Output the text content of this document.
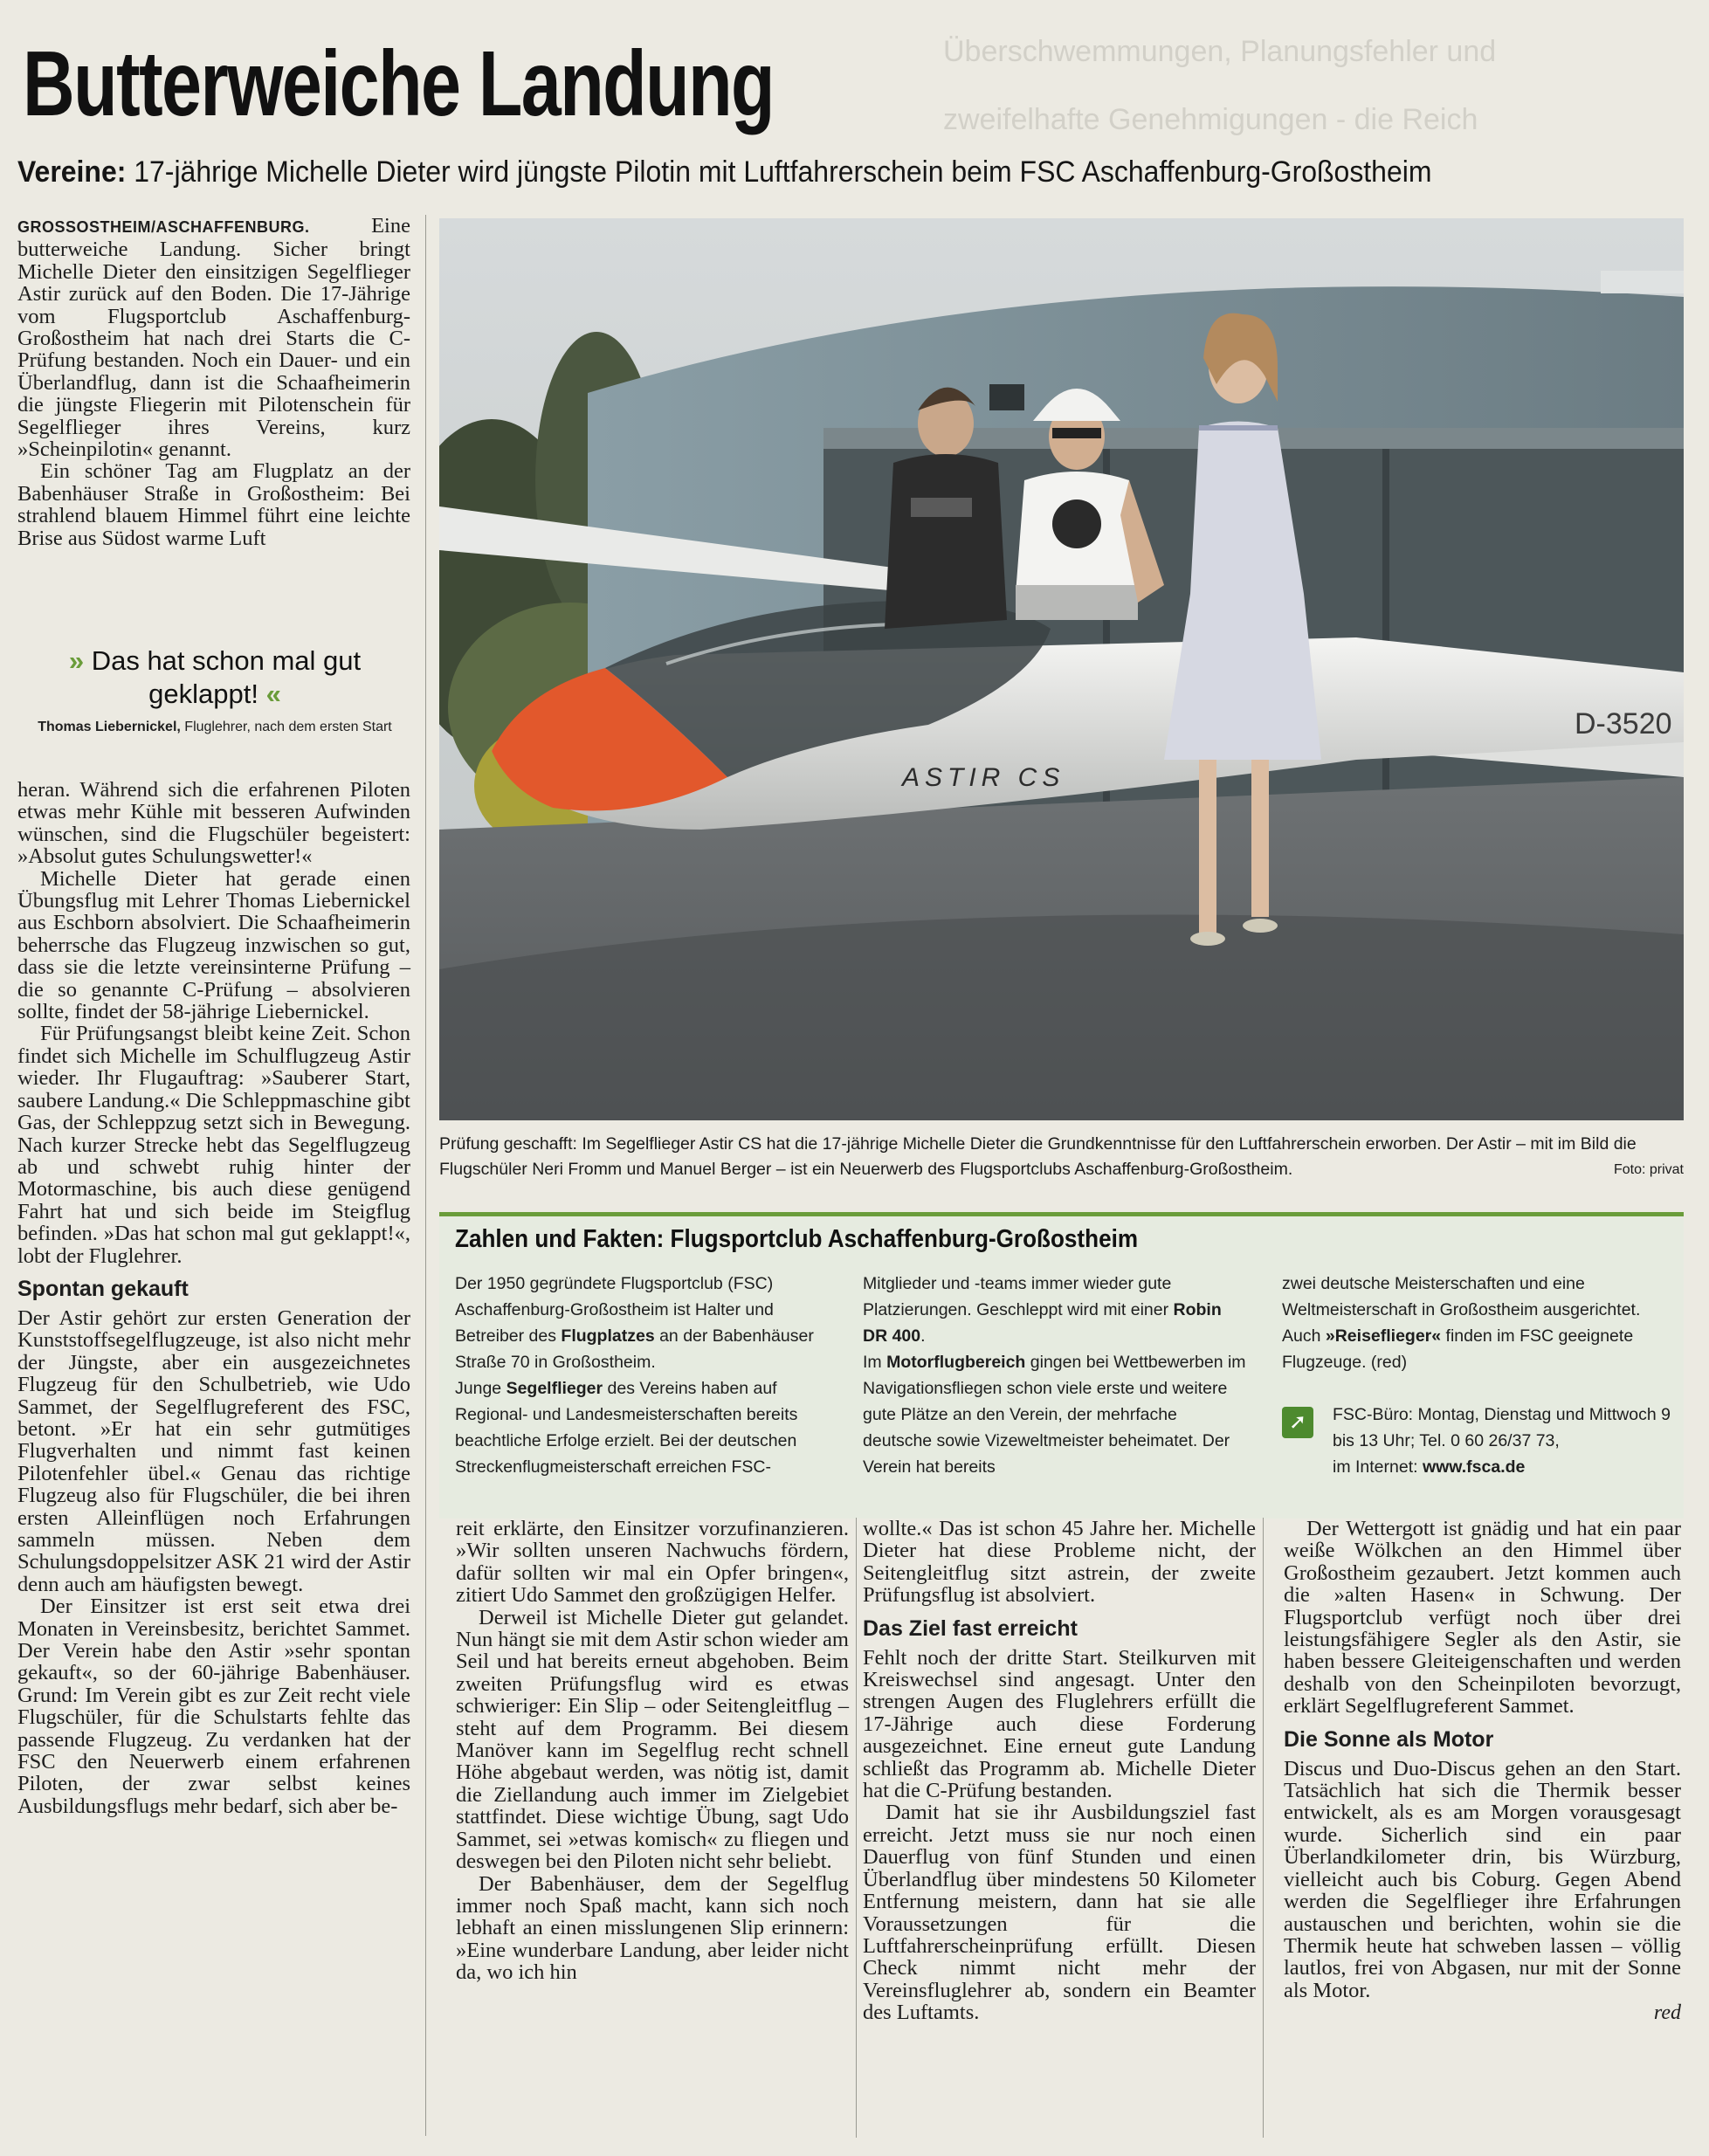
Überschwemmungen, Planungsfehler und
zweifelhafte Genehmigungen - die Reich
Butterweiche Landung
Vereine: 17-jährige Michelle Dieter wird jüngste Pilotin mit Luftfahrerschein beim FSC Aschaffenburg-Großostheim

GROSSOSTHEIM/ASCHAFFENBURG. Eine butterweiche Landung. Sicher bringt Michelle Dieter den einsitzigen Segelflieger Astir zurück auf den Boden. Die 17-Jährige vom Flugsportclub Aschaffenburg-Großostheim hat nach drei Starts die C-Prüfung bestanden. Noch ein Dauer- und ein Überlandflug, dann ist die Schaafheimerin die jüngste Fliegerin mit Pilotenschein für Segelflieger ihres Vereins, kurz »Scheinpilotin« genannt.

Ein schöner Tag am Flugplatz an der Babenhäuser Straße in Großostheim: Bei strahlend blauem Himmel führt eine leichte Brise aus Südost warme Luft

» Das hat schon mal gut geklappt! «
Thomas Liebernickel, Fluglehrer, nach dem ersten Start

heran. Während sich die erfahrenen Piloten etwas mehr Kühle mit besseren Aufwinden wünschen, sind die Flugschüler begeistert: »Absolut gutes Schulungswetter!«

Michelle Dieter hat gerade einen Übungsflug mit Lehrer Thomas Liebernickel aus Eschborn absolviert. Die Schaafheimerin beherrsche das Flugzeug inzwischen so gut, dass sie die letzte vereinsinterne Prüfung – die so genannte C-Prüfung – absolvieren sollte, findet der 58-jährige Liebernickel.

Für Prüfungsangst bleibt keine Zeit. Schon findet sich Michelle im Schulflugzeug Astir wieder. Ihr Flugauftrag: »Sauberer Start, saubere Landung.« Die Schleppmaschine gibt Gas, der Schleppzug setzt sich in Bewegung. Nach kurzer Strecke hebt das Segelflugzeug ab und schwebt ruhig hinter der Motormaschine, bis auch diese genügend Fahrt hat und sich beide im Steigflug befinden. »Das hat schon mal gut geklappt!«, lobt der Fluglehrer.

Spontan gekauft

Der Astir gehört zur ersten Generation der Kunststoffsegelflugzeuge, ist also nicht mehr der Jüngste, aber ein ausgezeichnetes Flugzeug für den Schulbetrieb, wie Udo Sammet, der Segelflugreferent des FSC, betont. »Er hat ein sehr gutmütiges Flugverhalten und nimmt fast keinen Pilotenfehler übel.« Genau das richtige Flugzeug also für Flugschüler, die bei ihren ersten Alleinflügen noch Erfahrungen sammeln müssen. Neben dem Schulungsdoppelsitzer ASK 21 wird der Astir denn auch am häufigsten bewegt.

Der Einsitzer ist erst seit etwa drei Monaten in Vereinsbesitz, berichtet Sammet. Der Verein habe den Astir »sehr spontan gekauft«, so der 60-jährige Babenhäuser. Grund: Im Verein gibt es zur Zeit recht viele Flugschüler, für die Schulstarts fehlte das passende Flugzeug. Zu verdanken hat der FSC den Neuerwerb einem erfahrenen Piloten, der zwar selbst keines Ausbildungsflugs mehr bedarf, sich aber be-

ASTIR CS
D-3520
Prüfung geschafft: Im Segelflieger Astir CS hat die 17-jährige Michelle Dieter die Grundkenntnisse für den Luftfahrerschein erworben. Der Astir – mit im Bild die Flugschüler Neri Fromm und Manuel Berger – ist ein Neuerwerb des Flugsportclubs Aschaffenburg-Großostheim.	Foto: privat
Zahlen und Fakten: Flugsportclub Aschaffenburg-Großostheim

Der 1950 gegründete Flugsportclub (FSC) Aschaffenburg-Großostheim ist Halter und Betreiber des Flugplatzes an der Babenhäuser Straße 70 in Großostheim.

Junge Segelflieger des Vereins haben auf Regional- und Landesmeisterschaften bereits beachtliche Erfolge erzielt. Bei der deutschen Streckenflugmeisterschaft erreichen FSC-

Mitglieder und -teams immer wieder gute Platzierungen. Geschleppt wird mit einer Robin DR 400.

Im Motorflugbereich gingen bei Wettbewerben im Navigationsfliegen schon viele erste und weitere gute Plätze an den Verein, der mehrfache deutsche sowie Vizeweltmeister beheimatet. Der Verein hat bereits

zwei deutsche Meisterschaften und eine Weltmeisterschaft in Großostheim ausgerichtet. Auch »Reiseflieger« finden im FSC geeignete Flugzeuge. (red)

➚	FSC-Büro: Montag, Dienstag und Mittwoch 9 bis 13 Uhr; Tel. 0 60 26/37 73,
im Internet: www.fsca.de

reit erklärte, den Einsitzer vorzufinanzieren. »Wir sollten unseren Nachwuchs fördern, dafür sollten wir mal ein Opfer bringen«, zitiert Udo Sammet den großzügigen Helfer.

Derweil ist Michelle Dieter gut gelandet. Nun hängt sie mit dem Astir schon wieder am Seil und hat bereits erneut abgehoben. Beim zweiten Prüfungsflug wird es etwas schwieriger: Ein Slip – oder Seitengleitflug – steht auf dem Programm. Bei diesem Manöver kann im Segelflug recht schnell Höhe abgebaut werden, was nötig ist, damit die Ziellandung auch immer im Zielgebiet stattfindet. Diese wichtige Übung, sagt Udo Sammet, sei »etwas komisch« zu fliegen und deswegen bei den Piloten nicht sehr beliebt.

Der Babenhäuser, dem der Segelflug immer noch Spaß macht, kann sich noch lebhaft an einen misslungenen Slip erinnern: »Eine wunderbare Landung, aber leider nicht da, wo ich hin

wollte.« Das ist schon 45 Jahre her. Michelle Dieter hat diese Probleme nicht, der Seitengleitflug sitzt astrein, der zweite Prüfungsflug ist absolviert.

Das Ziel fast erreicht

Fehlt noch der dritte Start. Steilkurven mit Kreiswechsel sind angesagt. Unter den strengen Augen des Fluglehrers erfüllt die 17-Jährige auch diese Forderung ausgezeichnet. Eine erneut gute Landung schließt das Programm ab. Michelle Dieter hat die C-Prüfung bestanden.

Damit hat sie ihr Ausbildungsziel fast erreicht. Jetzt muss sie nur noch einen Dauerflug von fünf Stunden und einen Überlandflug über mindestens 50 Kilometer Entfernung meistern, dann hat sie alle Voraussetzungen für die Luftfahrerscheinprüfung erfüllt. Diesen Check nimmt nicht mehr der Vereinsfluglehrer ab, sondern ein Beamter des Luftamts.

Der Wettergott ist gnädig und hat ein paar weiße Wölkchen an den Himmel über Großostheim gezaubert. Jetzt kommen auch die »alten Hasen« in Schwung. Der Flugsportclub verfügt noch über drei leistungsfähigere Segler als den Astir, sie haben bessere Gleiteigenschaften und werden deshalb von den Scheinpiloten bevorzugt, erklärt Segelflugreferent Sammet.

Die Sonne als Motor

Discus und Duo-Discus gehen an den Start. Tatsächlich hat sich die Thermik besser entwickelt, als es am Morgen vorausgesagt wurde. Sicherlich sind ein paar Überlandkilometer drin, bis Würzburg, vielleicht auch bis Coburg. Gegen Abend werden die Segelflieger ihre Erfahrungen austauschen und berichten, wohin sie die Thermik heute hat schweben lassen – völlig lautlos, frei von Abgasen, nur mit der Sonne als Motor.

red
